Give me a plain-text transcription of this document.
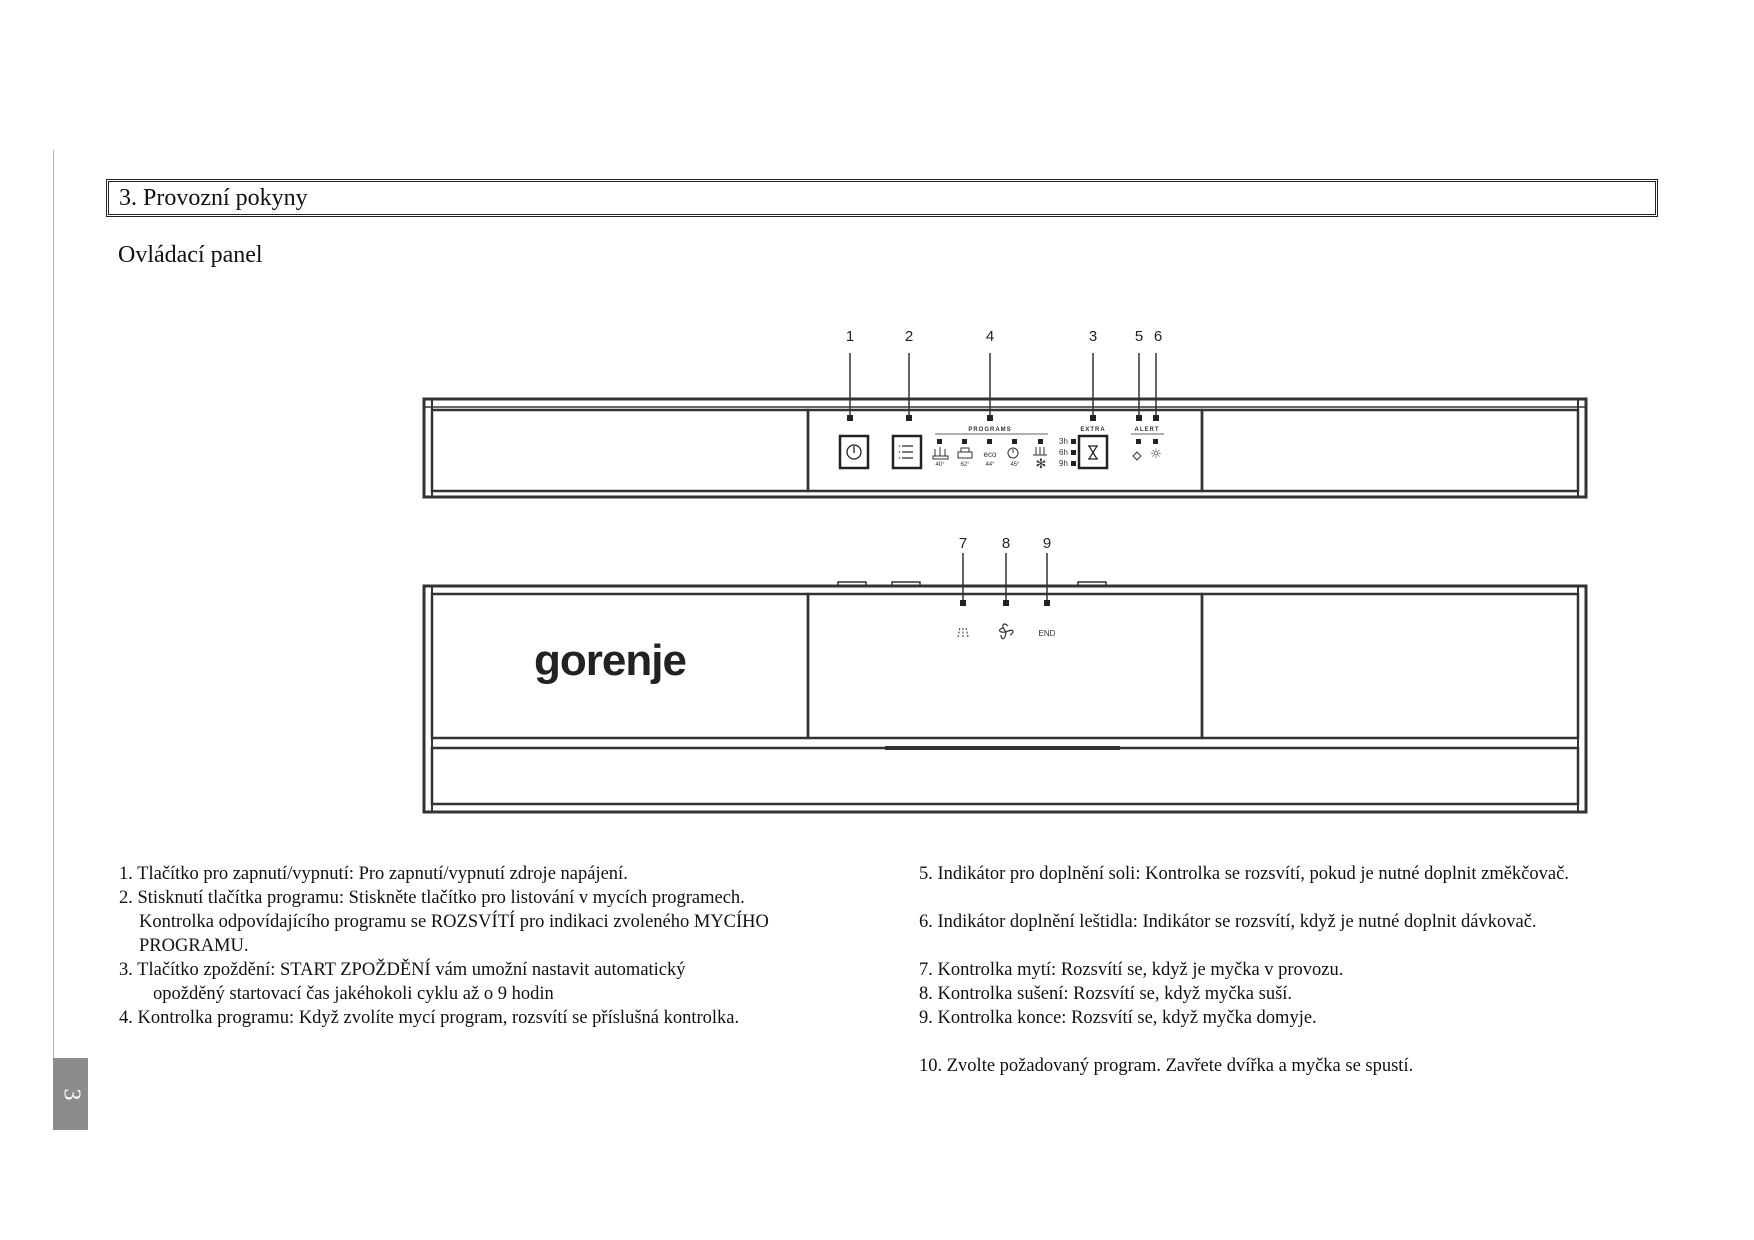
3
3. Provozní pokyny
Ovládací panel
1	2	4	3	5 6
PROGRAMS
eco
40°	62°	44°	45° ✻
3h
6h
9h
EXTRA	ALERT
☼
7 8 9
END
gorenje
1. Tlačítko pro zapnutí/vypnutí: Pro zapnutí/vypnutí zdroje napájení.
2. Stisknutí tlačítka programu: Stiskněte tlačítko pro listování v mycích programech.
Kontrolka odpovídajícího programu se ROZSVÍTÍ pro indikaci zvoleného MYCÍHO
PROGRAMU.
3. Tlačítko zpoždění: START ZPOŽDĚNÍ vám umožní nastavit automatický
opožděný startovací čas jakéhokoli cyklu až o 9 hodin
4. Kontrolka programu: Když zvolíte mycí program, rozsvítí se příslušná kontrolka.
5. Indikátor pro doplnění soli: Kontrolka se rozsvítí, pokud je nutné doplnit změkčovač.
6. Indikátor doplnění leštidla: Indikátor se rozsvítí, když je nutné doplnit dávkovač.
7. Kontrolka mytí: Rozsvítí se, když je myčka v provozu.
8. Kontrolka sušení: Rozsvítí se, když myčka suší.
9. Kontrolka konce: Rozsvítí se, když myčka domyje.
10. Zvolte požadovaný program. Zavřete dvířka a myčka se spustí.
